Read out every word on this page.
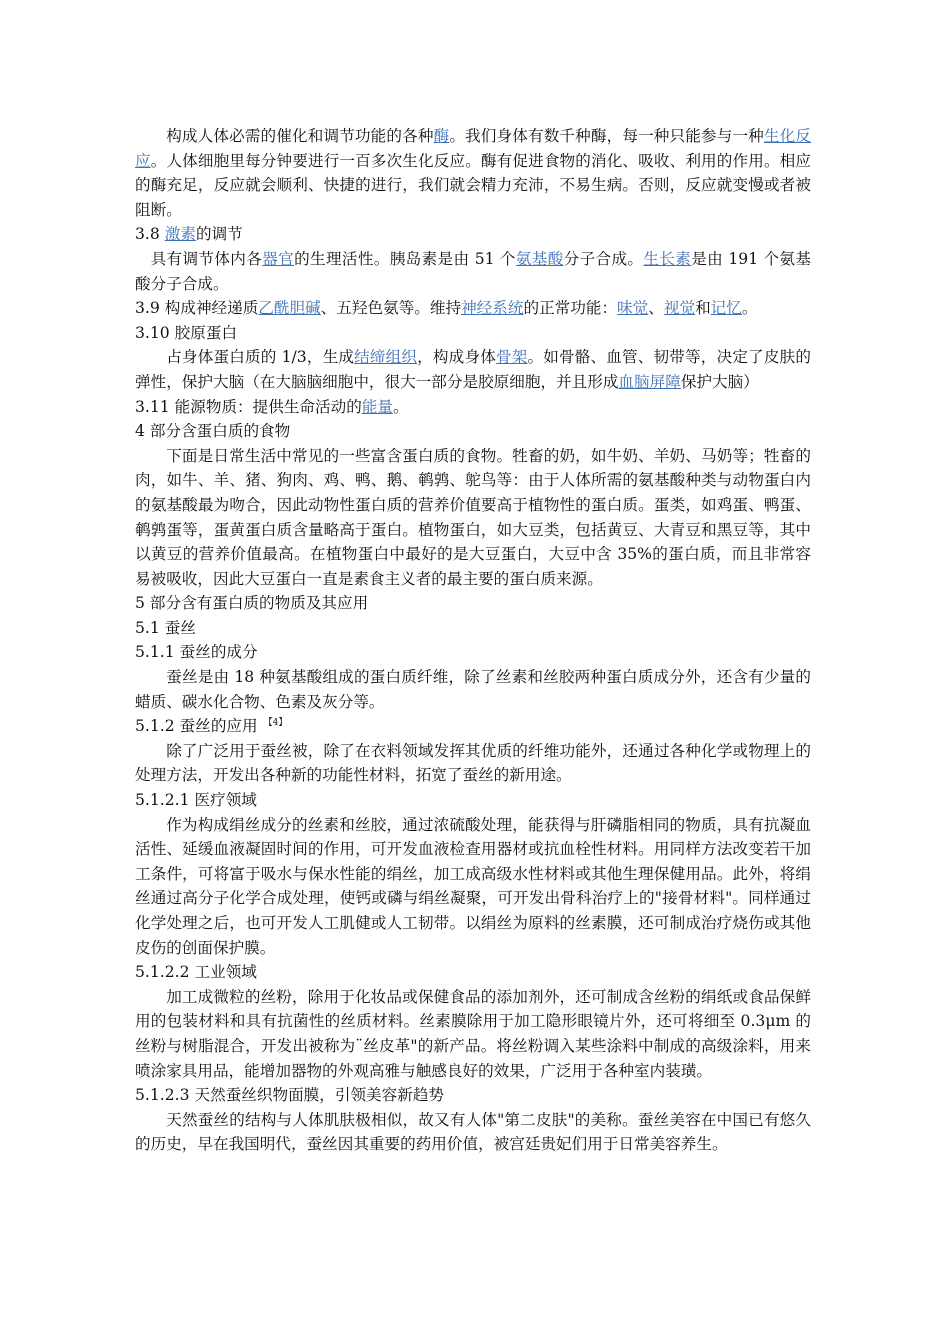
构成人体必需的催化和调节功能的各种酶。我们身体有数千种酶，每一种只能参与一种生化反应。人体细胞里每分钟要进行一百多次生化反应。酶有促进食物的消化、吸收、利用的作用。相应的酶充足，反应就会顺利、快捷的进行，我们就会精力充沛，不易生病。否则，反应就变慢或者被阻断。

3.8 激素的调节

具有调节体内各器官的生理活性。胰岛素是由 51 个氨基酸分子合成。生长素是由 191 个氨基酸分子合成。

3.9 构成神经递质乙酰胆碱、五羟色氨等。维持神经系统的正常功能：味觉、视觉和记忆。

3.10 胶原蛋白

占身体蛋白质的 1/3，生成结缔组织，构成身体骨架。如骨骼、血管、韧带等，决定了皮肤的弹性，保护大脑（在大脑脑细胞中，很大一部分是胶原细胞，并且形成血脑屏障保护大脑）

3.11 能源物质：提供生命活动的能量。

4 部分含蛋白质的食物

下面是日常生活中常见的一些富含蛋白质的食物。牲畜的奶，如牛奶、羊奶、马奶等；牲畜的肉，如牛、羊、猪、狗肉、鸡、鸭、鹅、鹌鹑、鸵鸟等：由于人体所需的氨基酸种类与动物蛋白内的氨基酸最为吻合，因此动物性蛋白质的营养价值要高于植物性的蛋白质。蛋类，如鸡蛋、鸭蛋、鹌鹑蛋等，蛋黄蛋白质含量略高于蛋白。植物蛋白，如大豆类，包括黄豆、大青豆和黑豆等，其中以黄豆的营养价值最高。在植物蛋白中最好的是大豆蛋白，大豆中含 35%的蛋白质，而且非常容易被吸收，因此大豆蛋白一直是素食主义者的最主要的蛋白质来源。

5 部分含有蛋白质的物质及其应用

5.1 蚕丝

5.1.1 蚕丝的成分

蚕丝是由 18 种氨基酸组成的蛋白质纤维，除了丝素和丝胶两种蛋白质成分外，还含有少量的蜡质、碳水化合物、色素及灰分等。

5.1.2 蚕丝的应用 $^{【4】}$

除了广泛用于蚕丝被，除了在衣料领域发挥其优质的纤维功能外，还通过各种化学或物理上的处理方法，开发出各种新的功能性材料，拓宽了蚕丝的新用途。

5.1.2.1 医疗领域

作为构成绢丝成分的丝素和丝胶，通过浓硫酸处理，能获得与肝磷脂相同的物质，具有抗凝血活性、延缓血液凝固时间的作用，可开发血液检查用器材或抗血栓性材料。用同样方法改变若干加工条件，可将富于吸水与保水性能的绢丝，加工成高级水性材料或其他生理保健用品。此外，将绢丝通过高分子化学合成处理，使钙或磷与绢丝凝聚，可开发出骨科治疗上的"接骨材料"。同样通过化学处理之后，也可开发人工肌健或人工韧带。以绢丝为原料的丝素膜，还可制成治疗烧伤或其他皮伤的创面保护膜。

5.1.2.2 工业领域

加工成微粒的丝粉，除用于化妆品或保健食品的添加剂外，还可制成含丝粉的绢纸或食品保鲜用的包装材料和具有抗菌性的丝质材料。丝素膜除用于加工隐形眼镜片外，还可将细至 0.3μm 的丝粉与树脂混合，开发出被称为¨丝皮革"的新产品。将丝粉调入某些涂料中制成的高级涂料，用来喷涂家具用品，能增加器物的外观高雅与触感良好的效果，广泛用于各种室内装璜。

5.1.2.3 天然蚕丝织物面膜，引领美容新趋势

天然蚕丝的结构与人体肌肤极相似，故又有人体"第二皮肤"的美称。蚕丝美容在中国已有悠久的历史，早在我国明代，蚕丝因其重要的药用价值，被宫廷贵妃们用于日常美容养生。
